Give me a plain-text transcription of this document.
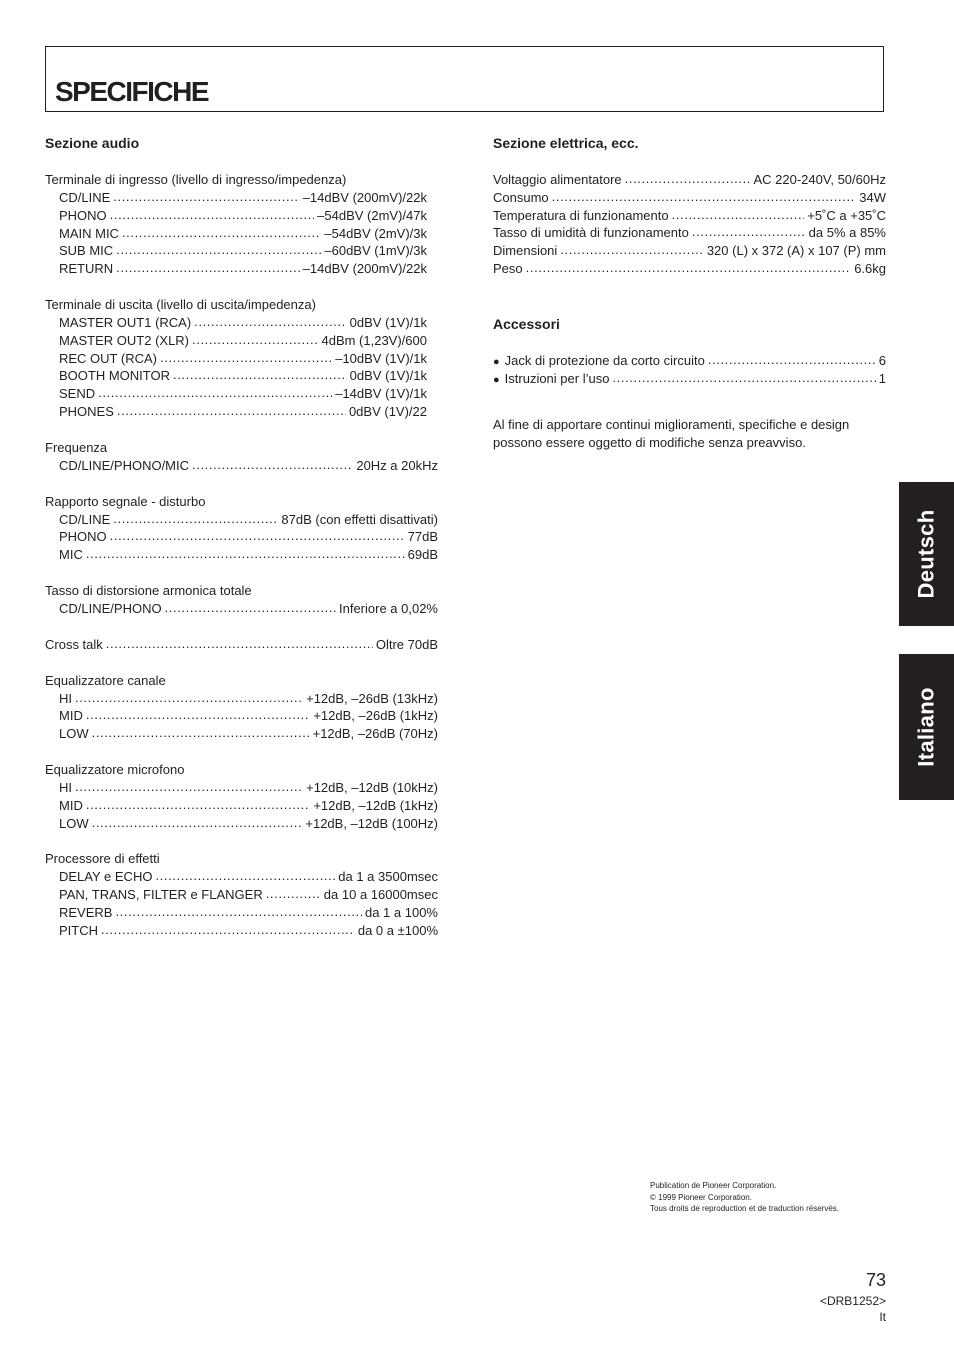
SPECIFICHE
Sezione audio
Terminale di ingresso (livello di ingresso/impedenza)
CD/LINE .....	–14dBV (200mV)/22k
PHONO .....	–54dBV (2mV)/47k
MAIN MIC .....	–54dBV (2mV)/3k
SUB MIC .....	–60dBV (1mV)/3k
RETURN .....	–14dBV (200mV)/22k
Terminale di uscita (livello di uscita/impedenza)
MASTER OUT1 (RCA) .....	0dBV (1V)/1k
MASTER OUT2 (XLR) .....	4dBm (1,23V)/600
REC OUT (RCA) .....	–10dBV (1V)/1k
BOOTH MONITOR .....	0dBV (1V)/1k
SEND .....	–14dBV (1V)/1k
PHONES .....	0dBV (1V)/22
Frequenza
CD/LINE/PHONO/MIC .....	20Hz a 20kHz
Rapporto segnale - disturbo
CD/LINE .....	87dB (con effetti disattivati)
PHONO .....	77dB
MIC .....	69dB
Tasso di distorsione armonica totale
CD/LINE/PHONO .....	Inferiore a 0,02%
Cross talk .....	Oltre 70dB
Equalizzatore canale
HI .....	+12dB, –26dB (13kHz)
MID .....	+12dB, –26dB (1kHz)
LOW .....	+12dB, –26dB (70Hz)
Equalizzatore microfono
HI .....	+12dB, –12dB (10kHz)
MID .....	+12dB, –12dB (1kHz)
LOW .....	+12dB, –12dB (100Hz)
Processore di effetti
DELAY e ECHO .....	da 1 a 3500msec
PAN, TRANS, FILTER e FLANGER .....	da 10 a 16000msec
REVERB .....	da 1 a 100%
PITCH .....	da 0 a ±100%
Sezione elettrica, ecc.
Voltaggio alimentatore .....	AC 220-240V, 50/60Hz
Consumo .....	34W
Temperatura di funzionamento .....	+5˚C a +35˚C
Tasso di umidità di funzionamento .....	da 5% a 85%
Dimensioni .....	320 (L) x 372 (A) x 107 (P) mm
Peso .....	6.6kg
Accessori
● Jack di protezione da corto circuito .....	6
● Istruzioni per l’uso .....	1
Al fine di apportare continui miglioramenti, specifiche e design possono essere oggetto di modifiche senza preavviso.
Deutsch
Italiano
Publication de Pioneer Corporation.
© 1999 Pioneer Corporation.
Tous droits de reproduction et de traduction réservés.
73
<DRB1252>
It
